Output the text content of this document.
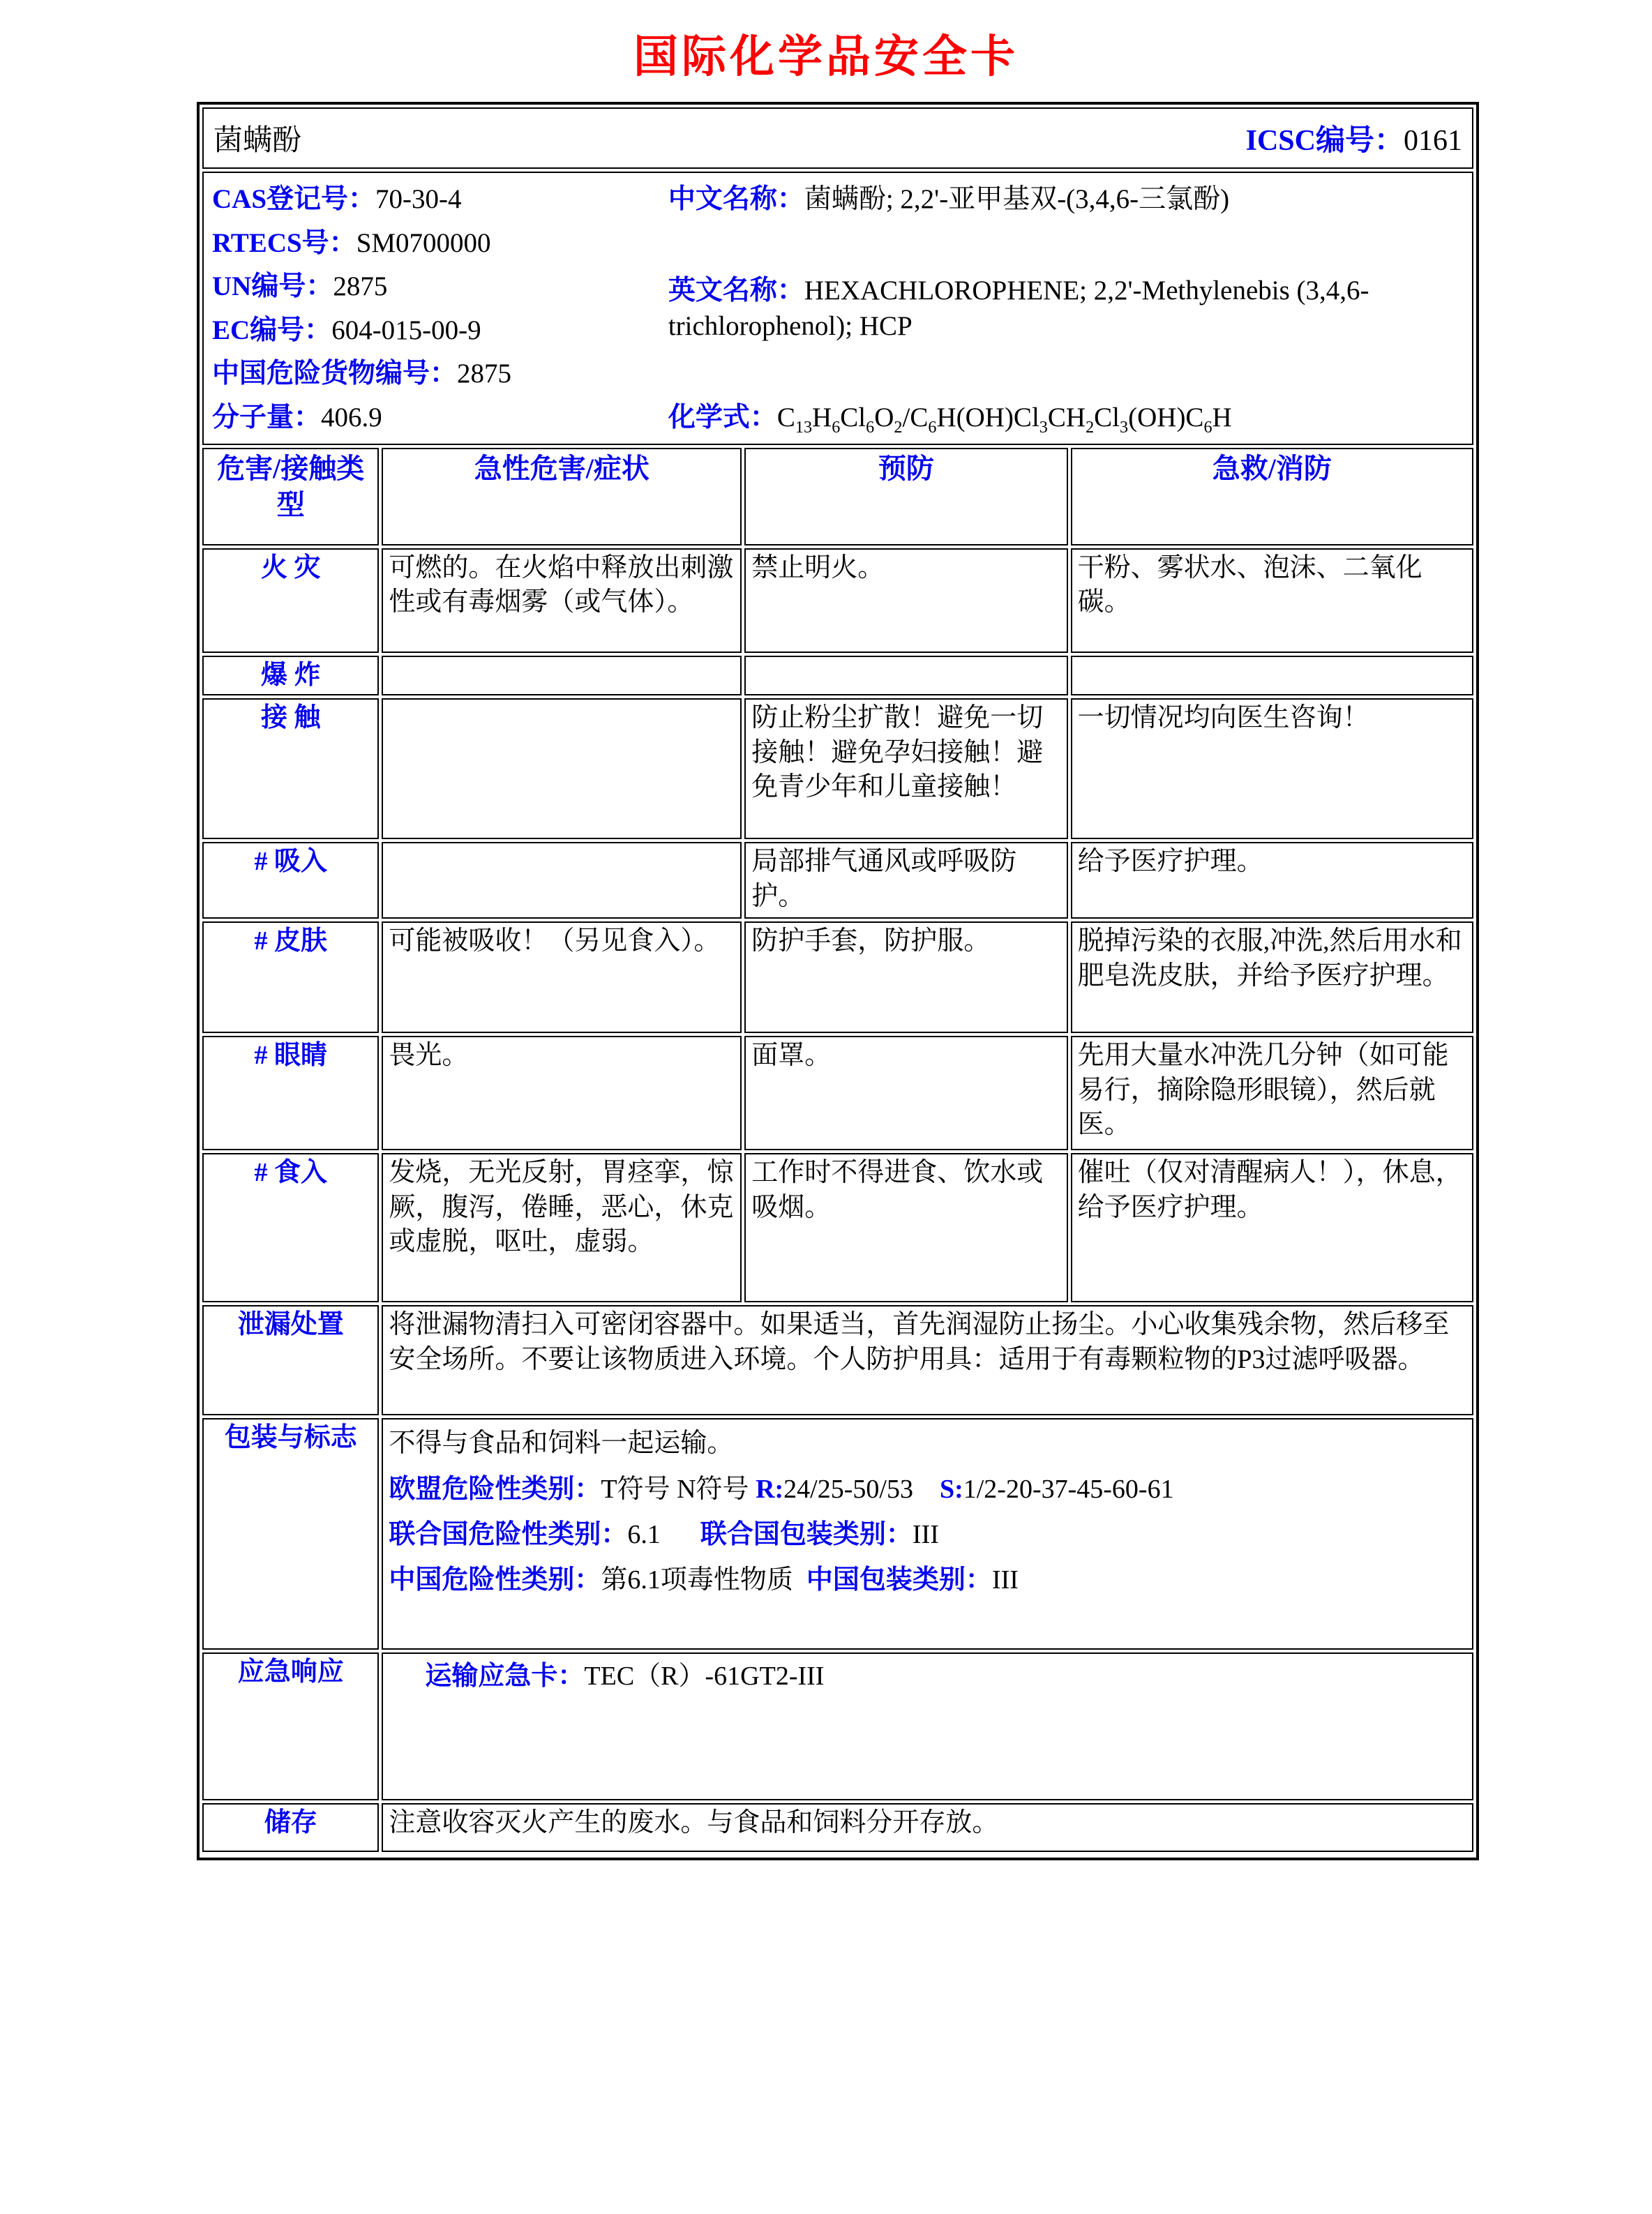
国际化学品安全卡
菌螨酚	ICSC编号：0161
CAS登记号：70-30-4
RTECS号：SM0700000
UN编号：2875
EC编号：604-015-00-9
中国危险货物编号：2875
分子量：406.9
中文名称：菌螨酚; 2,2'-亚甲基双-(3,4,6-三氯酚)
英文名称：HEXACHLOROPHENE; 2,2'-Methylenebis (3,4,6-trichlorophenol); HCP
化学式：$C_{13}H_6Cl_6O_2/C_6H(OH)Cl_3CH_2Cl_3(OH)C_6H$
危害/接触类型	急性危害/症状	预防	急救/消防
火 灾	可燃的。在火焰中释放出刺激性或有毒烟雾（或气体）。	禁止明火。	干粉、雾状水、泡沫、二氧化碳。
爆 炸			
接 触		防止粉尘扩散！避免一切接触！避免孕妇接触！避免青少年和儿童接触！	一切情况均向医生咨询！
# 吸入		局部排气通风或呼吸防护。	给予医疗护理。
# 皮肤	可能被吸收！（另见食入）。	防护手套，防护服。	脱掉污染的衣服,冲洗,然后用水和肥皂洗皮肤，并给予医疗护理。
# 眼睛	畏光。	面罩。	先用大量水冲洗几分钟（如可能易行，摘除隐形眼镜），然后就医。
# 食入	发烧，无光反射，胃痉挛，惊厥，腹泻，倦睡，恶心，休克或虚脱，呕吐，虚弱。	工作时不得进食、饮水或吸烟。	催吐（仅对清醒病人！），休息，给予医疗护理。
泄漏处置	将泄漏物清扫入可密闭容器中。如果适当，首先润湿防止扬尘。小心收集残余物，然后移至安全场所。不要让该物质进入环境。个人防护用具：适用于有毒颗粒物的P3过滤呼吸器。		

包装与标志	不得与食品和饲料一起运输。
欧盟危险性类别：T符号 N符号 R:24/25-50/53    S:1/2-20-37-45-60-61
联合国危险性类别：6.1      联合国包装类别：III
中国危险性类别：第6.1项毒性物质  中国包装类别：III		

应急响应	运输应急卡：TEC（R）-61GT2-III		

储存	注意收容灭火产生的废水。与食品和饲料分开存放。		
